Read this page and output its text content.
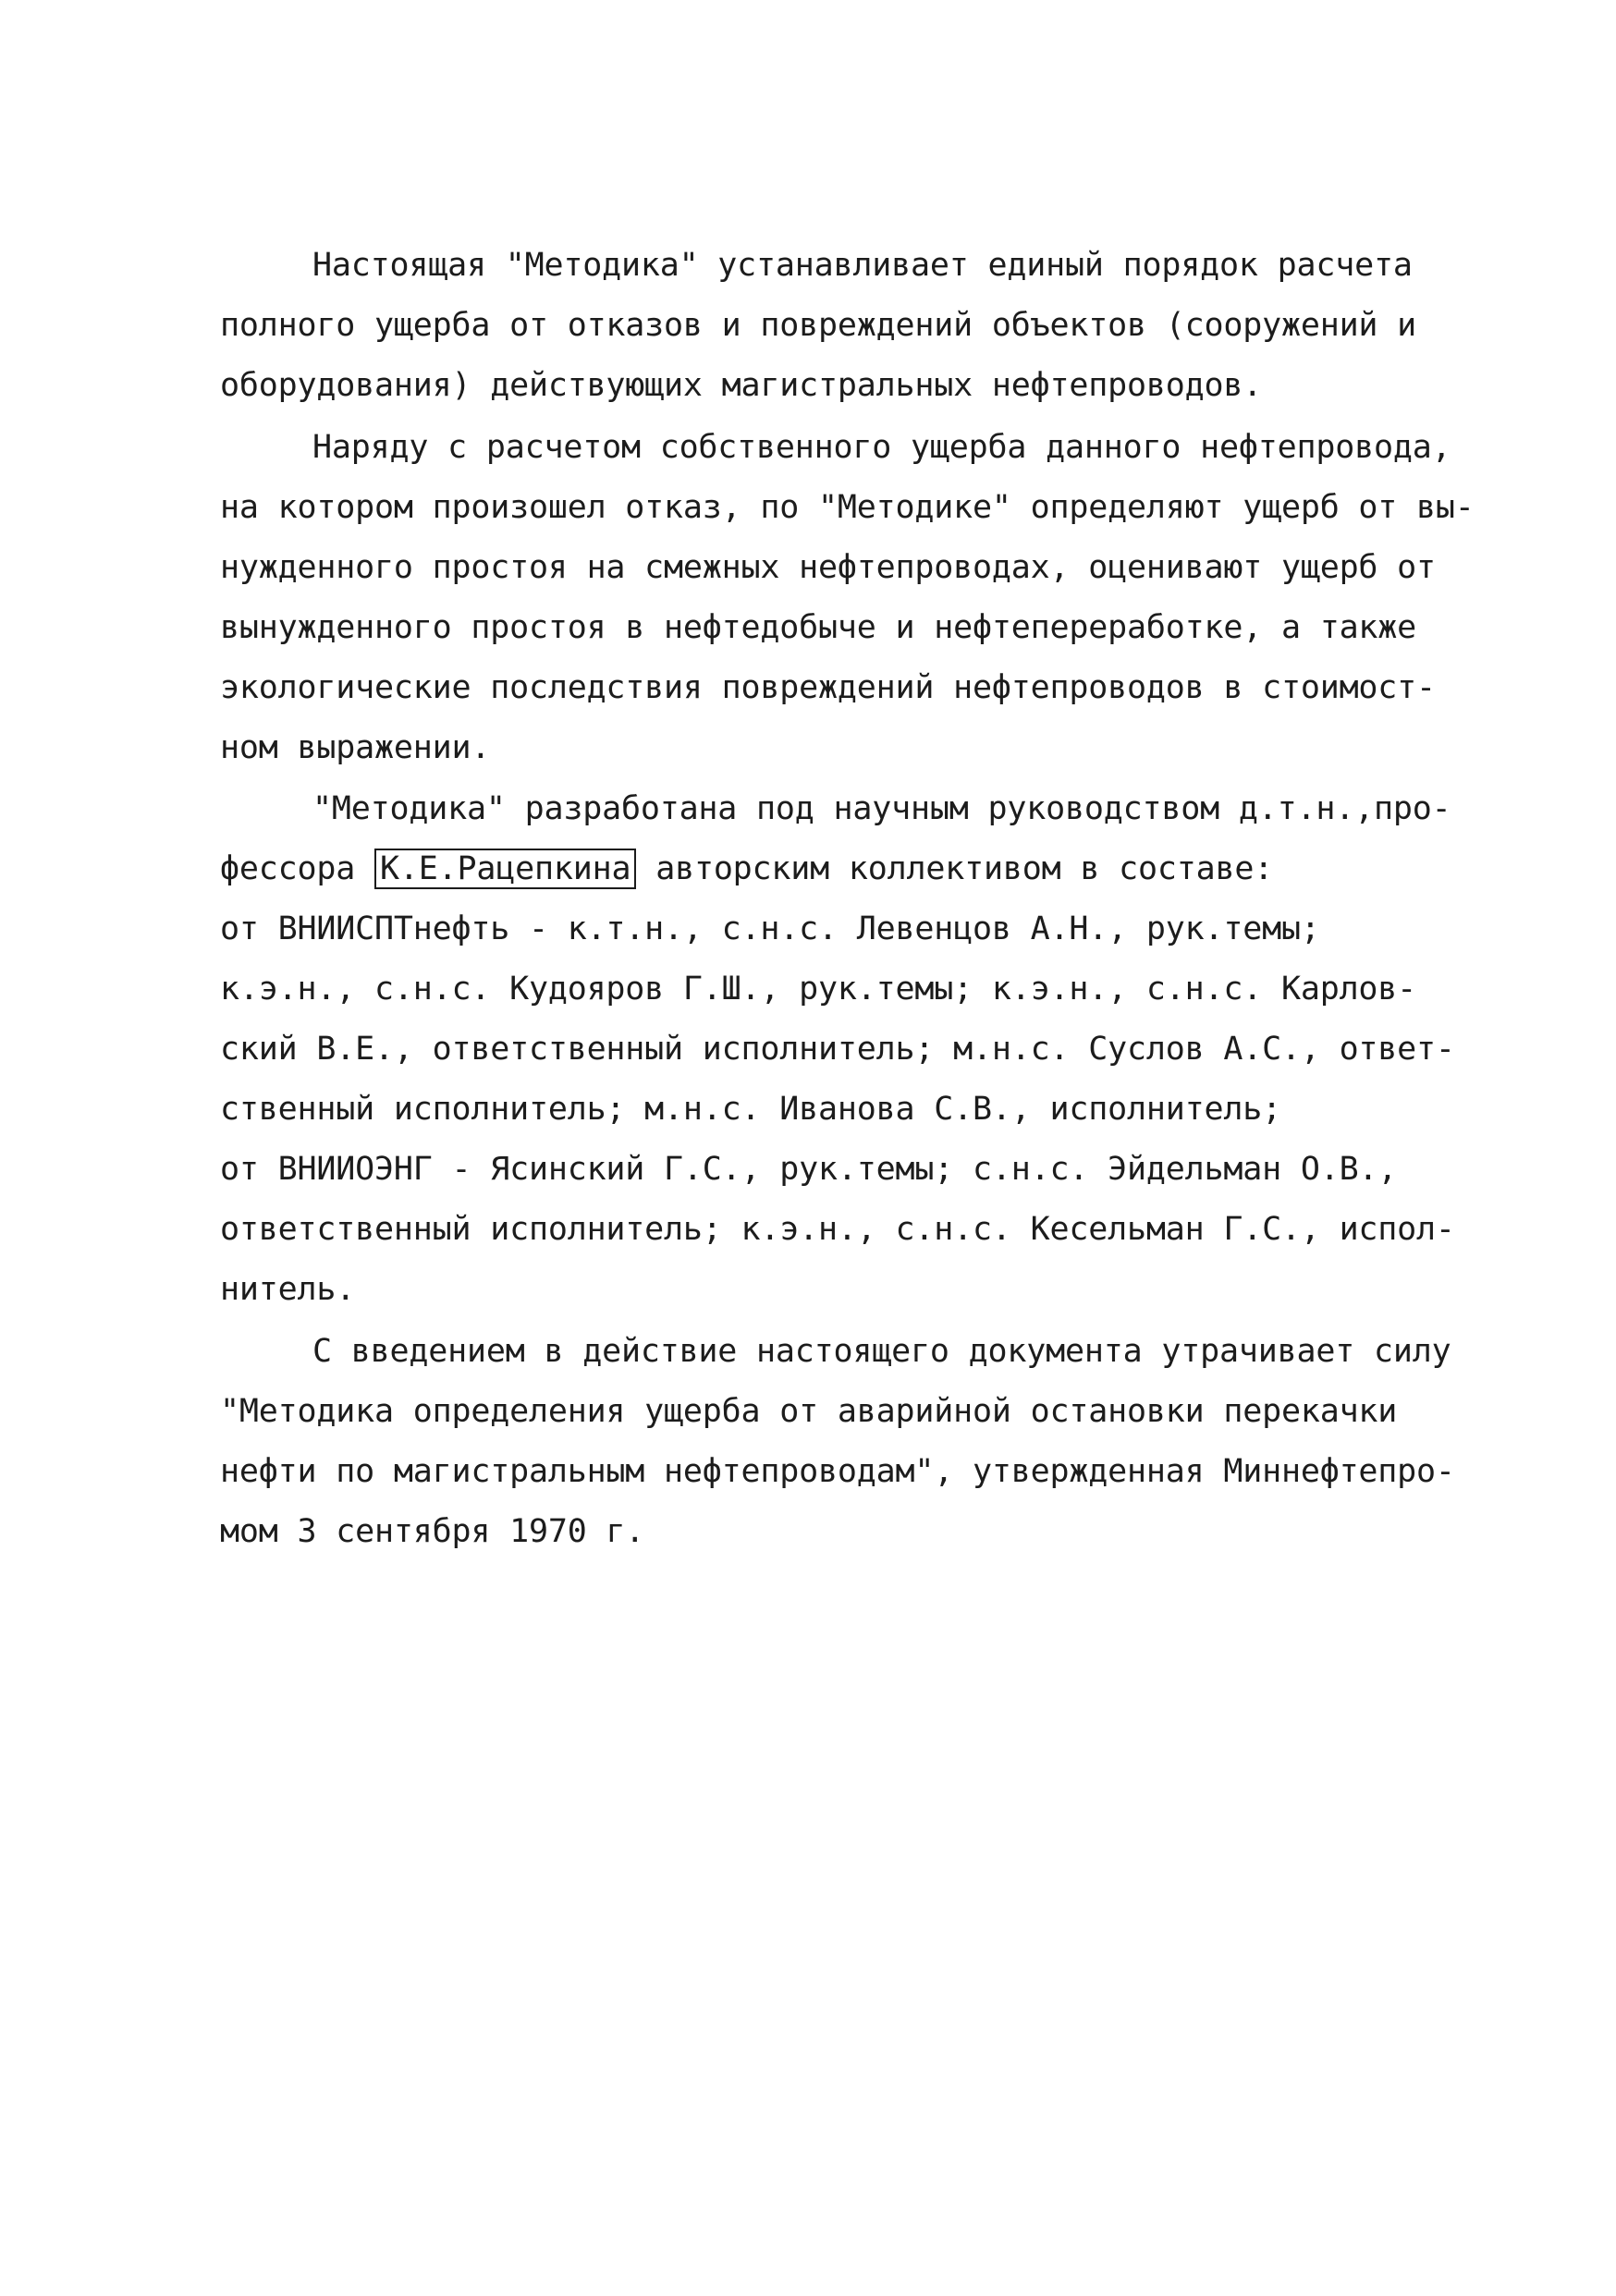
Настоящая "Методика" устанавливает единый порядок расчета

полного ущерба от отказов и повреждений объектов (сооружений и

оборудования) действующих магистральных нефтепроводов.

Наряду с расчетом собственного ущерба данного нефтепровода,

на котором произошел отказ, по "Методике" определяют ущерб от вы-

нужденного простоя на смежных нефтепроводах, оценивают ущерб от

вынужденного простоя в нефтедобыче и нефтепереработке, а также

экологические последствия повреждений нефтепроводов в стоимост-

ном выражении.

"Методика" разработана под научным руководством д.т.н.,про-

фессора К.Е.Рацепкина авторским коллективом в составе:

от ВНИИСПТнефть - к.т.н., с.н.с. Левенцов А.Н., рук.темы;

к.э.н., с.н.с. Кудояров Г.Ш., рук.темы; к.э.н., с.н.с. Карлов-

ский В.Е., ответственный исполнитель; м.н.с. Суслов А.С., ответ-

ственный исполнитель; м.н.с. Иванова С.В., исполнитель;

от ВНИИОЭНГ - Ясинский Г.С., рук.темы; с.н.с. Эйдельман О.В.,

ответственный исполнитель; к.э.н., с.н.с. Кесельман Г.С., испол-

нитель.

С введением в действие настоящего документа утрачивает силу

"Методика определения ущерба от аварийной остановки перекачки

нефти по магистральным нефтепроводам", утвержденная Миннефтепро-

мом 3 сентября 1970 г.
